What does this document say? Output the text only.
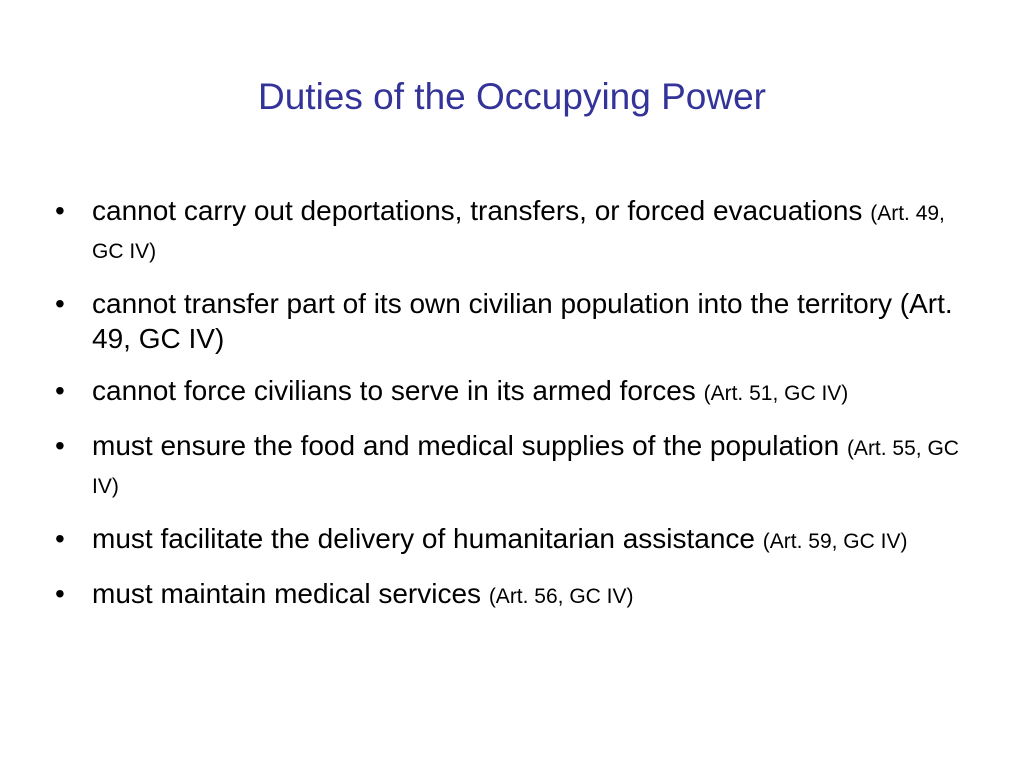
Duties of the Occupying Power
• cannot carry out deportations, transfers, or forced evacuations (Art. 49, GC IV)
• cannot transfer part of its own civilian population into the territory (Art. 49, GC IV)
• cannot force civilians to serve in its armed forces (Art. 51, GC IV)
• must ensure the food and medical supplies of the population (Art. 55, GC IV)
• must facilitate the delivery of humanitarian assistance (Art. 59, GC IV)
• must maintain medical services (Art. 56, GC IV)
